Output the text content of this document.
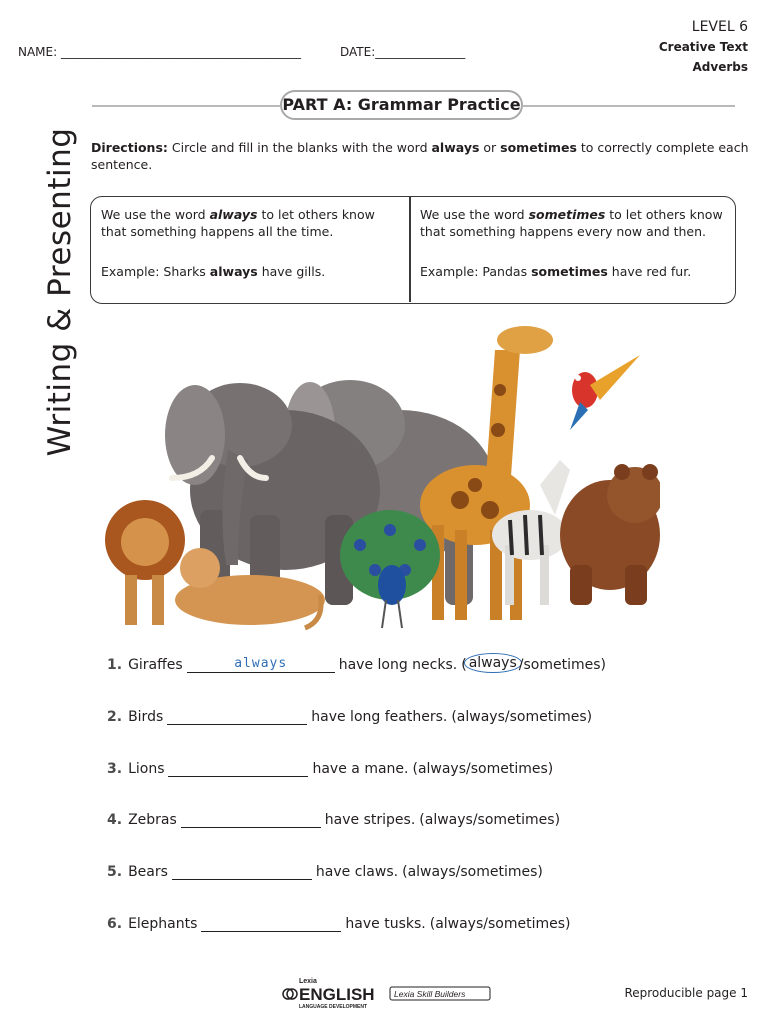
LEVEL 6
Creative Text
Adverbs
NAME: ________________________________________	DATE:_______________
Writing & Presenting
PART A: Grammar Practice
Directions: Circle and fill in the blanks with the word always or sometimes to correctly complete each sentence.
We use the word always to let others know that something happens all the time.
Example: Sharks always have gills.
We use the word sometimes to let others know that something happens every now and then.
Example: Pandas sometimes have red fur.
1. Giraffes	always	have long necks. ( always / sometimes )
2. Birds	have long feathers. ( always / sometimes )
3. Lions	have a mane. ( always / sometimes )
4. Zebras	have stripes. ( always / sometimes )
5. Bears	have claws. ( always / sometimes )
6. Elephants	have tusks. ( always / sometimes )
Lexia
ENGLISH
LANGUAGE DEVELOPMENT
Lexia Skill Builders	Reproducible page 1
